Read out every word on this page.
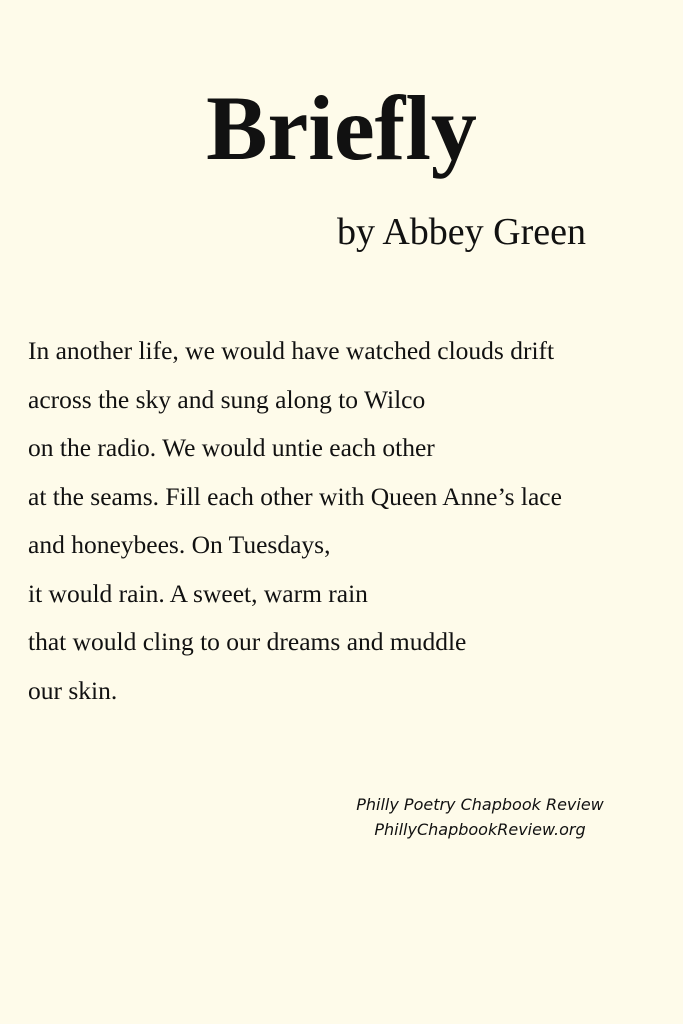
Briefly

by Abbey Green

In another life, we would have watched clouds drift
across the sky and sung along to Wilco
on the radio. We would untie each other
at the seams. Fill each other with Queen Anne’s lace
and honeybees. On Tuesdays,
it would rain. A sweet, warm rain
that would cling to our dreams and muddle
our skin.
Philly Poetry Chapbook Review
PhillyChapbookReview.org
